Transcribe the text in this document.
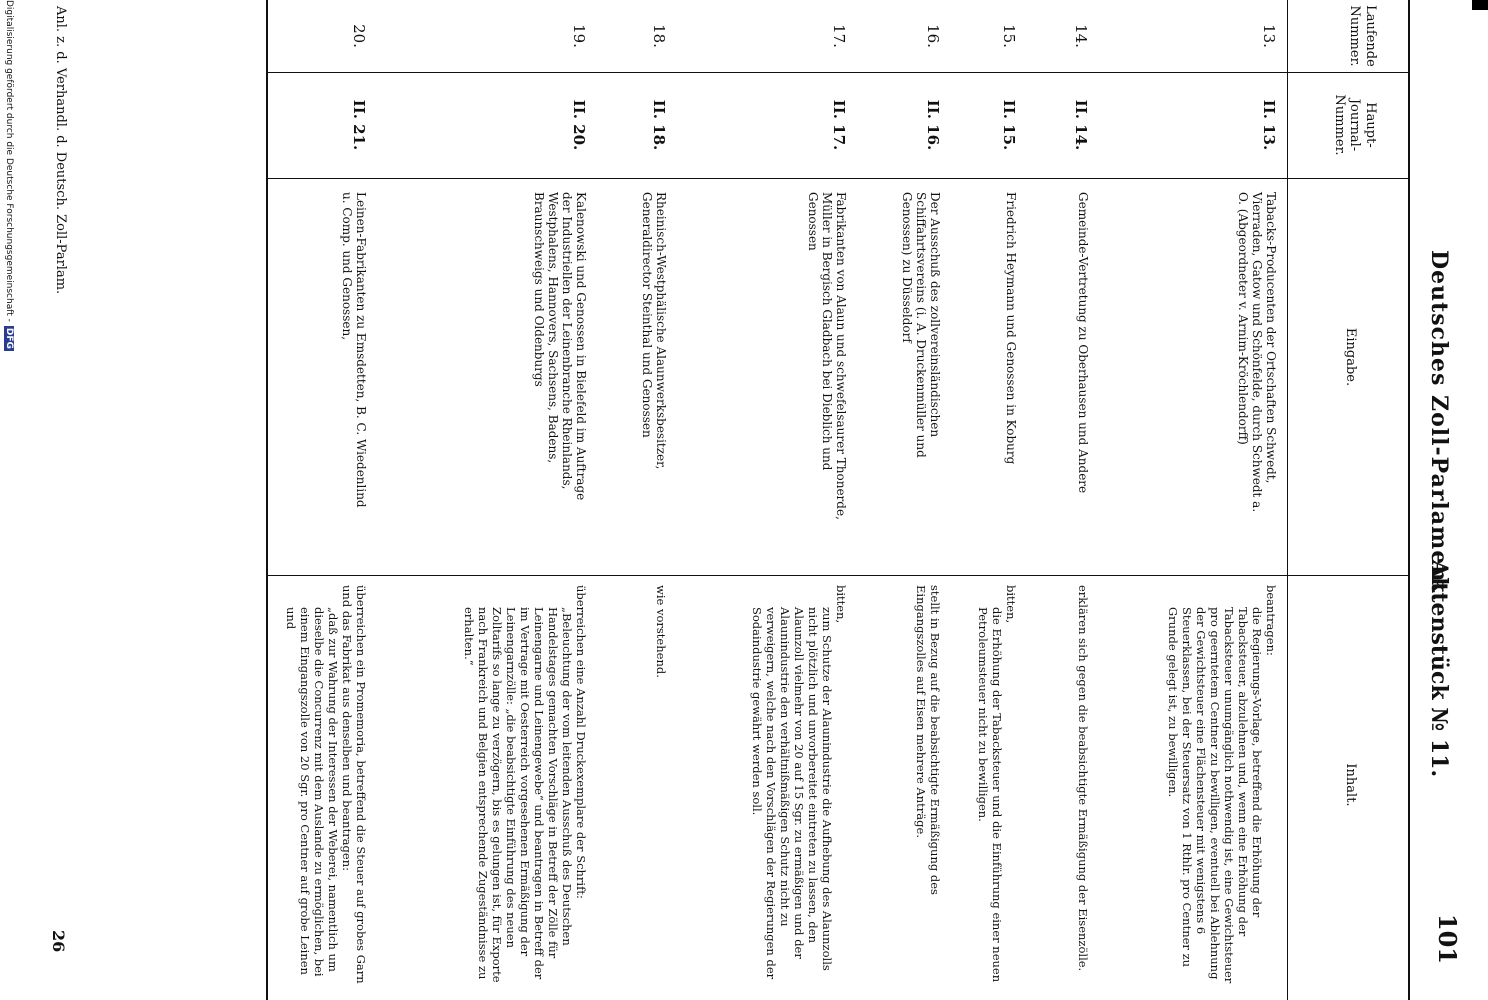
Deutsches Zoll-Parlament.
Aktenstück № 11.
101
Laufende Nummer.
Haupt-Journal-Nummer.
Eingabe.
Inhalt.
13.
II. 13.
Tabacks-Producenten der Ortschaften Schwedt, Vierraden, Gatow und Schönfelde, durch Schwedt a. O. (Abgeordneter v. Arnim-Kröchlendorff)
beantragen:
die Regierungs-Vorlage, betreffend die Erhöhung der Tabacksteuer, abzulehnen und, wenn eine Erhöhung der Tabacksteuer unumgänglich nothwendig ist, eine Gewichtsteuer pro geerntetem Centner zu bewilligen, eventuell bei Ablehnung der Gewichtsteuer eine Flächensteuer mit wenigstens 6 Steuerklassen, bei der Steuersatz von 1 Rthlr. pro Centner zu Grunde gelegt ist, zu bewilligen.
14.
II. 14.
Gemeinde-Vertretung zu Oberhausen und Andere
erklären sich gegen die beabsichtigte Ermäßigung der Eisenzölle.
15.
II. 15.
Friedrich Heymann und Genossen in Koburg
bitten,
die Erhöhung der Tabacksteuer und die Einführung einer neuen Petroleumsteuer nicht zu bewilligen.
16.
II. 16.
Der Ausschuß des zollvereinsländischen Schiffahrtsvereins (i. A. Druckenmüller und Genossen) zu Düsseldorf
stellt in Bezug auf die beabsichtigte Ermäßigung des Eingangszolles auf Eisen mehrere Anträge.
17.
II. 17.
Fabrikanten von Alaun und schwefelsaurer Thonerde, Müller in Bergisch Gladbach bei Dieblich und Genossen
bitten,
zum Schutze der Alaunindustrie die Aufhebung des Alaunzolls nicht plötzlich und unvorbereitet eintreten zu lassen, den Alaunzoll vielmehr von 20 auf 15 Sgr. zu ermäßigen und der Alaunindustrie den verhältnißmäßigen Schutz nicht zu verweigern, welche nach den Vorschlägen der Regierungen der Sodaindustrie gewährt werden soll.
18.
II. 18.
Rheinisch-Westphälische Alaunwerksbesitzer, Generaldirector Steinthal und Genossen
wie vorstehend.
19.
II. 20.
Kalenowski und Genossen in Bielefeld im Auftrage der Industriellen der Leinenbranche Rheinlands, Westphalens, Hannovers, Sachsens, Badens, Braunschweigs und Oldenburgs
überreichen eine Anzahl Druckexemplare der Schrift:
„Beleuchtung der vom leitenden Ausschuß des Deutschen Handelstages gemachten Vorschläge in Betreff der Zölle für Leinengarne und Leinengewebe“ und beantragen in Betreff der im Vertrage mit Oesterreich vorgesehenen Ermäßigung der Leinengarnzölle: „die beabsichtigte Einführung des neuen Zolltarifs so lange zu verzögern, bis es gelungen ist, für Exporte nach Frankreich und Belgien entsprechende Zugeständnisse zu erhalten.“
20.
II. 21.
Leinen-Fabrikanten zu Emsdetten, B. C. Wiedenlind u. Comp. und Genossen,
überreichen ein Promemoria, betreffend die Steuer auf grobes Garn und das Fabrikat aus denselben und beantragen:
„daß zur Wahrung der Interessen der Weberei, namentlich um dieselbe die Concurrenz mit dem Auslande zu ermöglichen, bei einem Eingangszolle von 20 Sgr. pro Centner auf grobe Leinen und
Anl. z. d. Verhandl. d. Deutsch. Zoll-Parlam.
26
Digitalisierung gefördert durch die Deutsche Forschungsgemeinschaft -DFG
